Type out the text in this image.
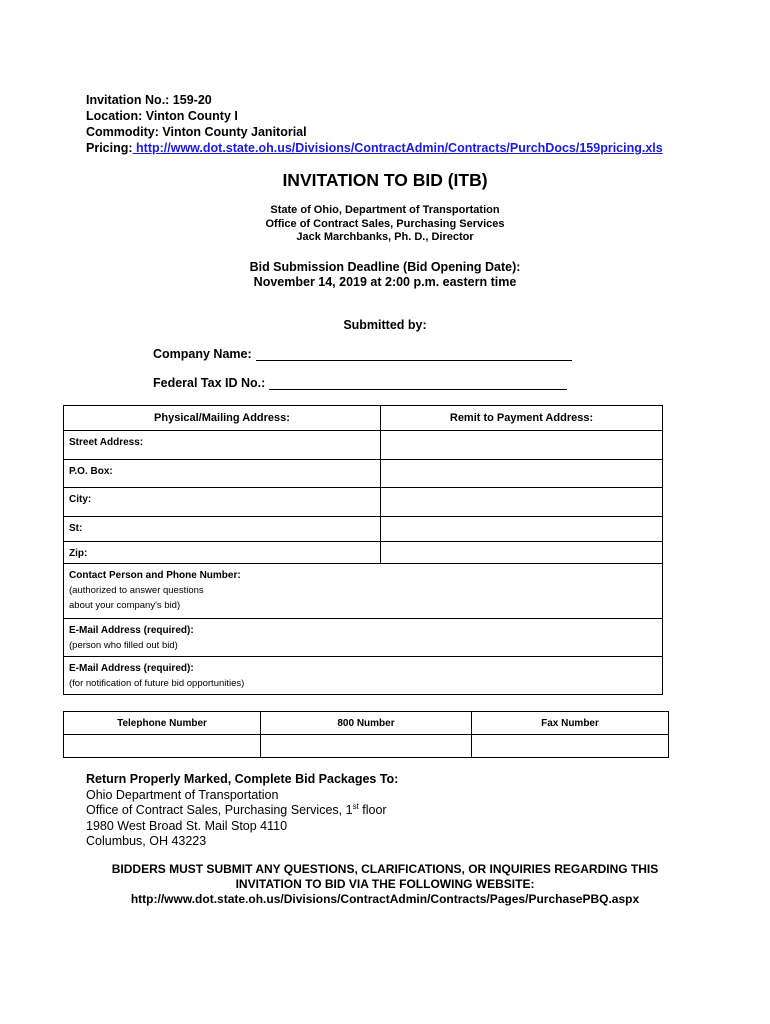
Invitation No.: 159-20
Location: Vinton County I
Commodity: Vinton County Janitorial
Pricing: http://www.dot.state.oh.us/Divisions/ContractAdmin/Contracts/PurchDocs/159pricing.xls
INVITATION TO BID (ITB)
State of Ohio, Department of Transportation
Office of Contract Sales, Purchasing Services
Jack Marchbanks, Ph. D., Director
Bid Submission Deadline (Bid Opening Date):
November 14, 2019 at 2:00 p.m. eastern time
Submitted by:
Company Name:
Federal Tax ID No.:
Physical/Mailing Address:	Remit to Payment Address:

Street Address:	

P.O. Box:	

City:	

St:	

Zip:	

Contact Person and Phone Number:
(authorized to answer questions
about your company's bid)	

E-Mail Address (required):
(person who filled out bid)	

E-Mail Address (required):
(for notification of future bid opportunities)	
Telephone Number	800 Number	Fax Number

Return Properly Marked, Complete Bid Packages To:
Ohio Department of Transportation
Office of Contract Sales, Purchasing Services, 1st floor
1980 West Broad St. Mail Stop 4110
Columbus, OH 43223
BIDDERS MUST SUBMIT ANY QUESTIONS, CLARIFICATIONS, OR INQUIRIES REGARDING THIS
INVITATION TO BID VIA THE FOLLOWING WEBSITE:
http://www.dot.state.oh.us/Divisions/ContractAdmin/Contracts/Pages/PurchasePBQ.aspx
